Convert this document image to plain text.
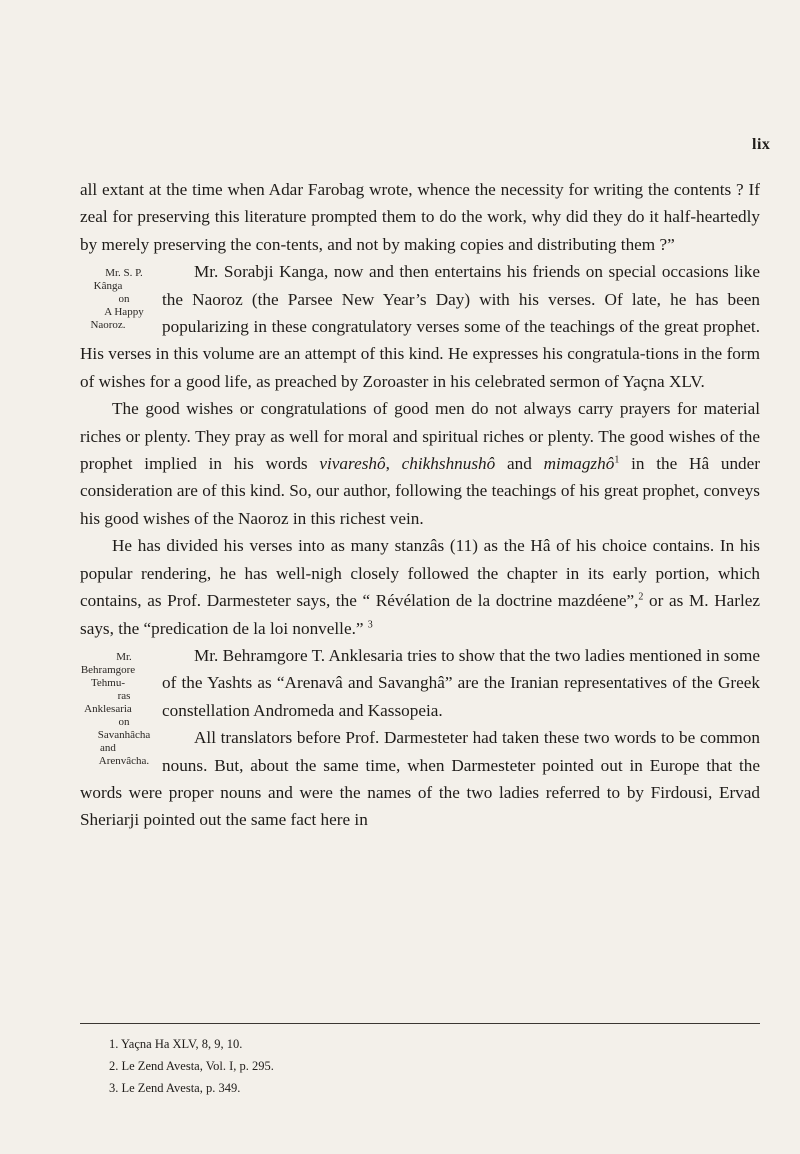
lix

all extant at the time when Adar Farobag wrote, whence the necessity for writing the contents ? If zeal for preserving this literature prompted them to do the work, why did they do it half-heartedly by merely preserving the con-tents, and not by making copies and distributing them ?”

Mr. S. P. Kânga
on
A Happy Naoroz.
Mr. Sorabji Kanga, now and then entertains his friends on special occasions like the Naoroz (the Parsee New Year’s Day) with his verses. Of late, he has been popularizing in these congratulatory verses some of the teachings of the great prophet. His verses in this volume are an attempt of this kind. He expresses his congratula-tions in the form of wishes for a good life, as preached by Zoroaster in his celebrated sermon of Yaçna XLV.

The good wishes or congratulations of good men do not always carry prayers for material riches or plenty. They pray as well for moral and spiritual riches or plenty. The good wishes of the prophet implied in his words vivareshô, chikhshnushô and mimagzhô$^1$ in the Hâ under consideration are of this kind. So, our author, following the teachings of his great prophet, conveys his good wishes of the Naoroz in this richest vein.

He has divided his verses into as many stanzâs (11) as the Hâ of his choice contains. In his popular rendering, he has well-nigh closely followed the chapter in its early portion, which contains, as Prof. Darmesteter says, the “ Révélation de la doctrine mazdéene”,$^2$ or as M. Harlez says, the “predication de la loi nonvelle.” $^3$

Mr. Behramgore Tehmu-
ras Anklesaria
on
Savanhâcha and
Arenvâcha.
Mr. Behramgore T. Anklesaria tries to show that the two ladies mentioned in some of the Yashts as “Arenavâ and Savanghâ” are the Iranian representatives of the Greek constellation Andromeda and Kassopeia.

All translators before Prof. Darmesteter had taken these two words to be common nouns. But, about the same time, when Darmesteter pointed out in Europe that the words were proper nouns and were the names of the two ladies referred to by Firdousi, Ervad Sheriarji pointed out the same fact here in

1. Yaçna Ha XLV, 8, 9, 10.
2. Le Zend Avesta, Vol. I, p. 295.
3. Le Zend Avesta, p. 349.
